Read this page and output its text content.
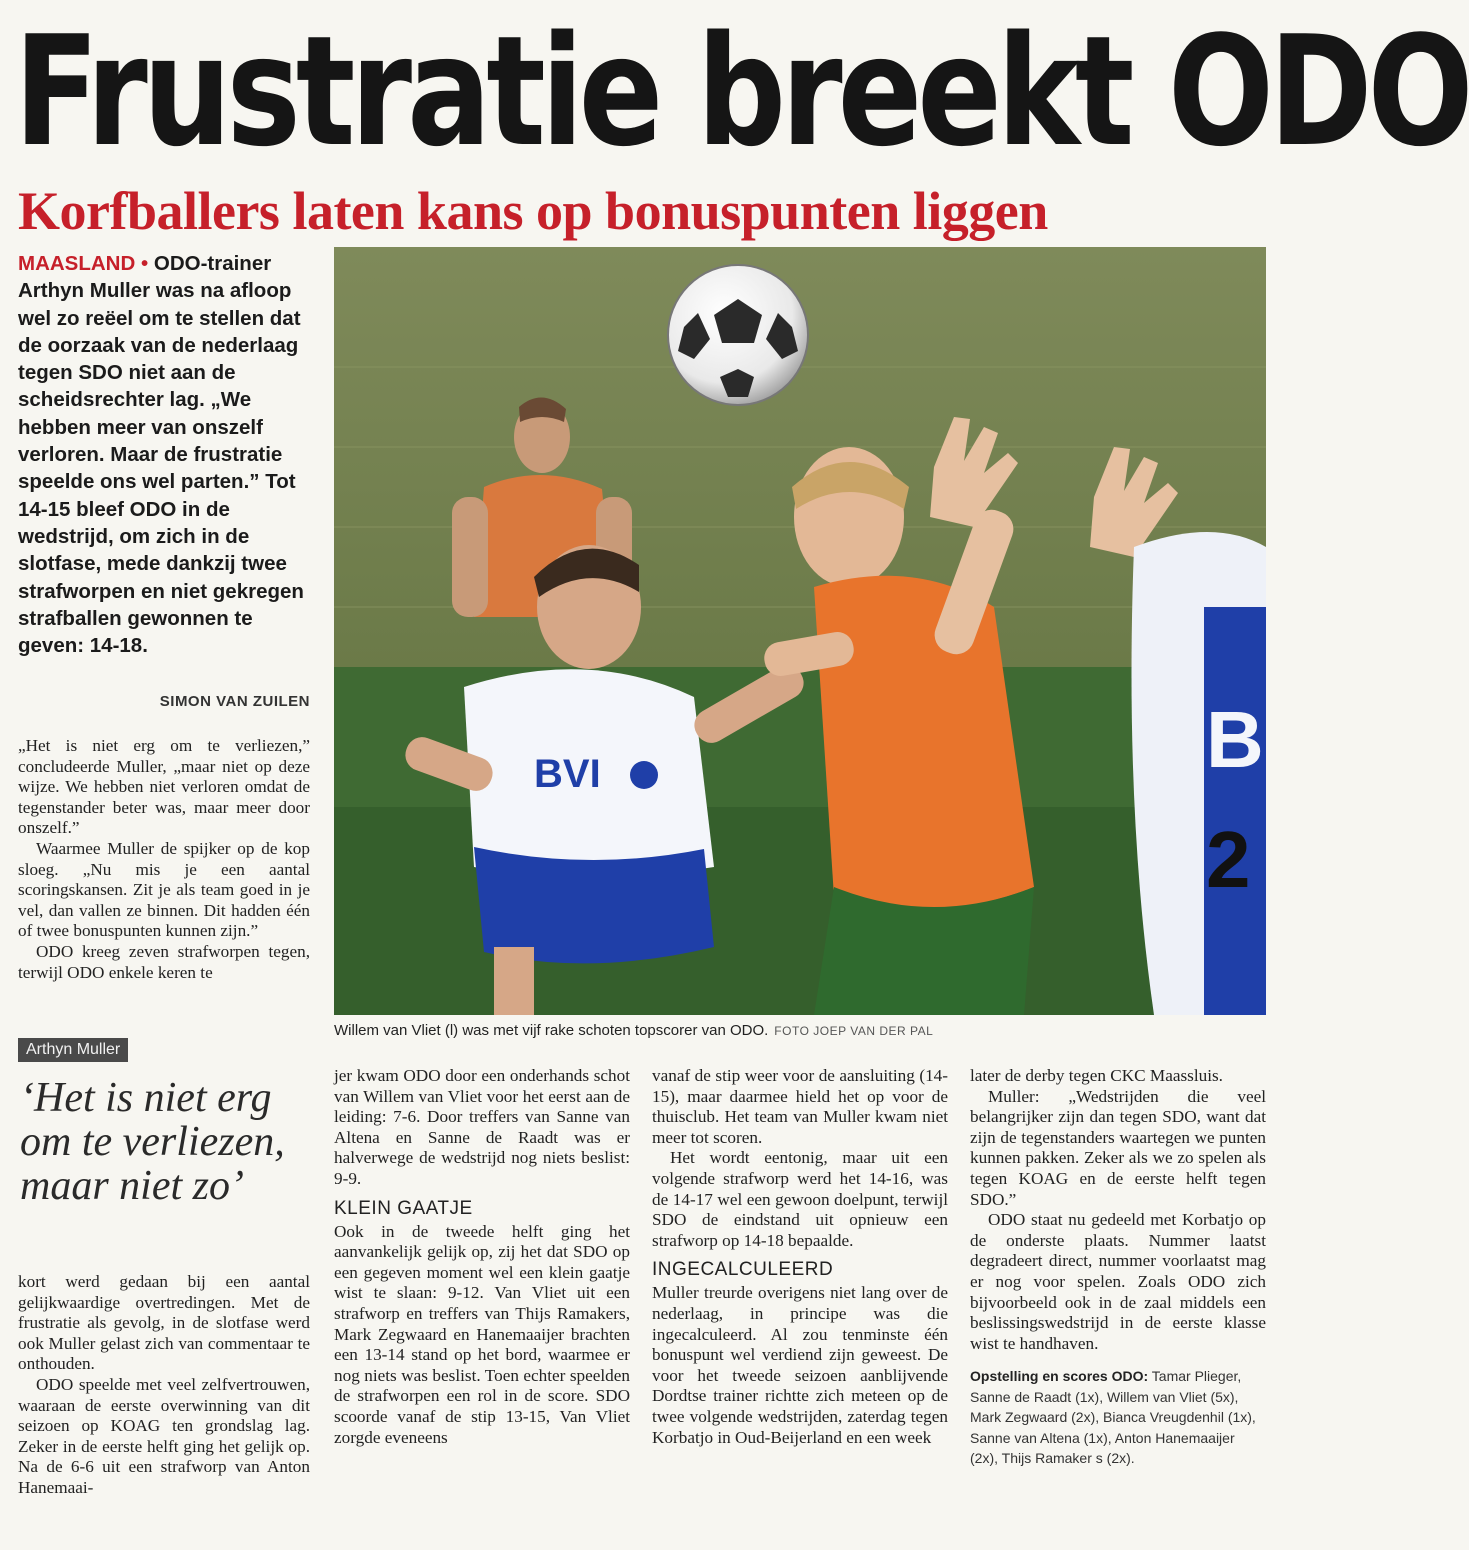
Frustratie breekt ODO
Korfballers laten kans op bonuspunten liggen
MAASLAND • ODO-trainer Arthyn Muller was na afloop wel zo reëel om te stellen dat de oorzaak van de nederlaag tegen SDO niet aan de scheidsrechter lag. „We hebben meer van onszelf verloren. Maar de frustratie speelde ons wel parten.” Tot 14-15 bleef ODO in de wedstrijd, om zich in de slotfase, mede dankzij twee strafworpen en niet gekregen strafballen gewonnen te geven: 14-18.
SIMON VAN ZUILEN

„Het is niet erg om te verliezen,” concludeerde Muller, „maar niet op deze wijze. We hebben niet verloren omdat de tegenstander beter was, maar meer door onszelf.”

Waarmee Muller de spijker op de kop sloeg. „Nu mis je een aantal scoringskansen. Zit je als team goed in je vel, dan vallen ze binnen. Dit hadden één of twee bonuspunten kunnen zijn.”

ODO kreeg zeven strafworpen tegen, terwijl ODO enkele keren te

BVI	B
2
Willem van Vliet (l) was met vijf rake schoten topscorer van ODO. FOTO JOEP VAN DER PAL
Arthyn Muller
‘Het is niet erg om te verliezen, maar niet zo’

kort werd gedaan bij een aantal gelijkwaardige overtredingen. Met de frustratie als gevolg, in de slotfase werd ook Muller gelast zich van commentaar te onthouden.

ODO speelde met veel zelfvertrouwen, waaraan de eerste overwinning van dit seizoen op KOAG ten grondslag lag. Zeker in de eerste helft ging het gelijk op. Na de 6-6 uit een strafworp van Anton Hanemaai-

jer kwam ODO door een onderhands schot van Willem van Vliet voor het eerst aan de leiding: 7-6. Door treffers van Sanne van Altena en Sanne de Raadt was er halverwege de wedstrijd nog niets beslist: 9-9.

KLEIN GAATJE

Ook in de tweede helft ging het aanvankelijk gelijk op, zij het dat SDO op een gegeven moment wel een klein gaatje wist te slaan: 9-12. Van Vliet uit een strafworp en treffers van Thijs Ramakers, Mark Zegwaard en Hanemaaijer brachten een 13-14 stand op het bord, waarmee er nog niets was beslist. Toen echter speelden de strafworpen een rol in de score. SDO scoorde vanaf de stip 13-15, Van Vliet zorgde eveneens

vanaf de stip weer voor de aansluiting (14-15), maar daarmee hield het op voor de thuisclub. Het team van Muller kwam niet meer tot scoren.

Het wordt eentonig, maar uit een volgende strafworp werd het 14-16, was de 14-17 wel een gewoon doelpunt, terwijl SDO de eindstand uit opnieuw een strafworp op 14-18 bepaalde.

INGECALCULEERD

Muller treurde overigens niet lang over de nederlaag, in principe was die ingecalculeerd. Al zou tenminste één bonuspunt wel verdiend zijn geweest. De voor het tweede seizoen aanblijvende Dordtse trainer richtte zich meteen op de twee volgende wedstrijden, zaterdag tegen Korbatjo in Oud-Beijerland en een week

later de derby tegen CKC Maassluis.

Muller: „Wedstrijden die veel belangrijker zijn dan tegen SDO, want dat zijn de tegenstanders waartegen we punten kunnen pakken. Zeker als we zo spelen als tegen KOAG en de eerste helft tegen SDO.”

ODO staat nu gedeeld met Korbatjo op de onderste plaats. Nummer laatst degradeert direct, nummer voorlaatst mag er nog voor spelen. Zoals ODO zich bijvoorbeeld ook in de zaal middels een beslissingswedstrijd in de eerste klasse wist te handhaven.

Opstelling en scores ODO: Tamar Plieger, Sanne de Raadt (1x), Willem van Vliet (5x), Mark Zegwaard (2x), Bianca Vreugdenhil (1x), Sanne van Altena (1x), Anton Hanemaaijer (2x), Thijs Ramaker s (2x).
